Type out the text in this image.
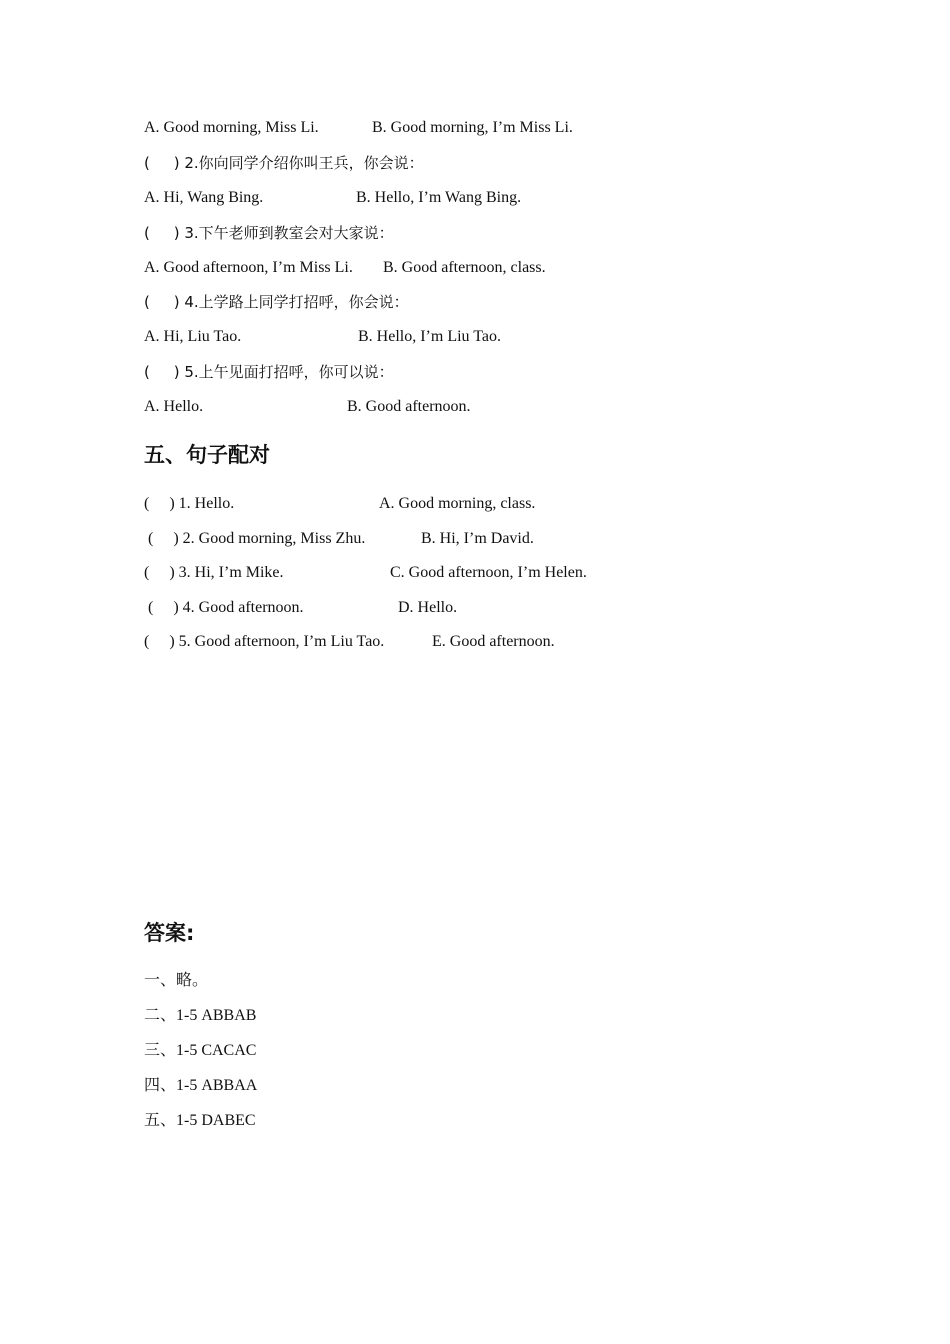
A. Good morning, Miss Li.	B. Good morning, I’m Miss Li.
(     ) 2.你向同学介绍你叫王兵，你会说：
A. Hi, Wang Bing.	B. Hello, I’m Wang Bing.
(     ) 3.下午老师到教室会对大家说：
A. Good afternoon, I’m Miss Li. B. Good afternoon, class.
(     ) 4.上学路上同学打招呼，你会说：
A. Hi, Liu Tao.	B. Hello, I’m Liu Tao.
(     ) 5.上午见面打招呼，你可以说：
A. Hello.	B. Good afternoon.
五、句子配对
(     ) 1. Hello.	A. Good morning, class.
(     ) 2. Good morning, Miss Zhu.	B. Hi, I’m David.
(     ) 3. Hi, I’m Mike.	C. Good afternoon, I’m Helen.
(     ) 4. Good afternoon.	D. Hello.
(     ) 5. Good afternoon, I’m Liu Tao.	E. Good afternoon.
答案:
一、略。
二、1-5 ABBAB
三、1-5 CACAC
四、1-5 ABBAA
五、1-5 DABEC
